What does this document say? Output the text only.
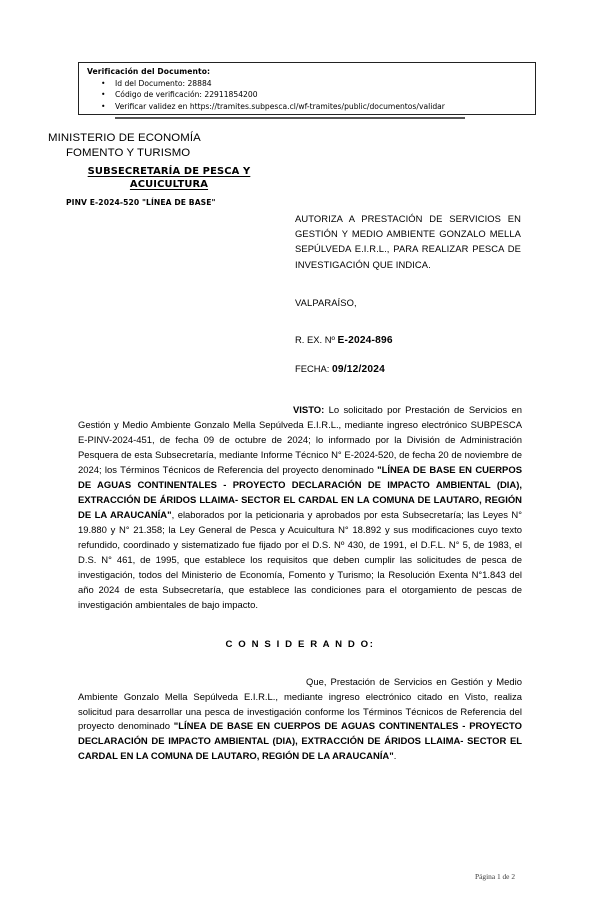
Verificación del Documento:
• Id del Documento: 28884
• Código de verificación: 22911854200
• Verificar validez en https://tramites.subpesca.cl/wf-tramites/public/documentos/validar
MINISTERIO DE ECONOMÍA
FOMENTO Y TURISMO
SUBSECRETARÍA DE PESCA Y
ACUICULTURA
PINV E-2024-520 "LÍNEA DE BASE"
AUTORIZA A PRESTACIÓN DE SERVICIOS EN GESTIÓN Y MEDIO AMBIENTE GONZALO MELLA SEPÚLVEDA E.I.R.L., PARA REALIZAR PESCA DE INVESTIGACIÓN QUE INDICA.
VALPARAÍSO,
R. EX. Nº E-2024-896
FECHA: 09/12/2024

VISTO: Lo solicitado por Prestación de Servicios en Gestión y Medio Ambiente Gonzalo Mella Sepúlveda E.I.R.L., mediante ingreso electrónico SUBPESCA E-PINV-2024-451, de fecha 09 de octubre de 2024; lo informado por la División de Administración Pesquera de esta Subsecretaría, mediante Informe Técnico N° E-2024-520, de fecha 20 de noviembre de 2024; los Términos Técnicos de Referencia del proyecto denominado "LÍNEA DE BASE EN CUERPOS DE AGUAS CONTINENTALES - PROYECTO DECLARACIÓN DE IMPACTO AMBIENTAL (DIA), EXTRACCIÓN DE ÁRIDOS LLAIMA- SECTOR EL CARDAL EN LA COMUNA DE LAUTARO, REGIÓN DE LA ARAUCANÍA", elaborados por la peticionaria y aprobados por esta Subsecretaría; las Leyes N° 19.880 y N° 21.358; la Ley General de Pesca y Acuicultura N° 18.892 y sus modificaciones cuyo texto refundido, coordinado y sistematizado fue fijado por el D.S. Nº 430, de 1991, el D.F.L. N° 5, de 1983, el D.S. N° 461, de 1995, que establece los requisitos que deben cumplir las solicitudes de pesca de investigación, todos del Ministerio de Economía, Fomento y Turismo; la Resolución Exenta N°1.843 del año 2024 de esta Subsecretaría, que establece las condiciones para el otorgamiento de pescas de investigación ambientales de bajo impacto.

C O N S I D E R A N D O:

Que, Prestación de Servicios en Gestión y Medio Ambiente Gonzalo Mella Sepúlveda E.I.R.L., mediante ingreso electrónico citado en Visto, realiza solicitud para desarrollar una pesca de investigación conforme los Términos Técnicos de Referencia del proyecto denominado "LÍNEA DE BASE EN CUERPOS DE AGUAS CONTINENTALES - PROYECTO DECLARACIÓN DE IMPACTO AMBIENTAL (DIA), EXTRACCIÓN DE ÁRIDOS LLAIMA- SECTOR EL CARDAL EN LA COMUNA DE LAUTARO, REGIÓN DE LA ARAUCANÍA".

Página 1 de 2
